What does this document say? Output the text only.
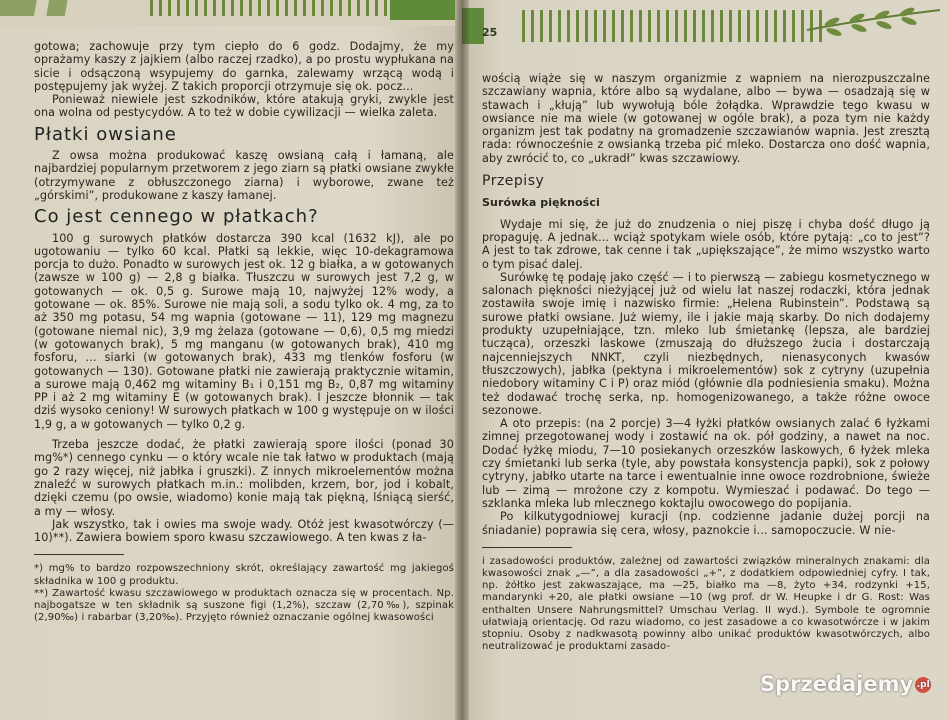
gotowa; zachowuje przy tym ciepło do 6 godz. Dodajmy, że my oprażamy kaszy z jajkiem (albo raczej rzadko), a po prostu wypłukana na sicie i odsączoną wsypujemy do garnka, zalewamy wrzącą wodą i postępujemy jak wyżej. Z takich proporcji otrzymuje się ok. pocz...

Ponieważ niewiele jest szkodników, które atakują gryki, zwykle jest ona wolna od pestycydów. A to też w dobie cywilizacji — wielka zaleta.

Płatki owsiane

Z owsa można produkować kaszę owsianą całą i łamaną, ale najbardziej popularnym przetworem z jego ziarn są płatki owsiane zwykłe (otrzymywane z obłuszczonego ziarna) i wyborowe, zwane też „górskimi”, produkowane z kaszy łamanej.

Co jest cennego w płatkach?

100 g surowych płatków dostarcza 390 kcal (1632 kJ), ale po ugotowaniu — tylko 60 kcal. Płatki są lekkie, więc 10-dekagramowa porcja to dużo. Ponadto w surowych jest ok. 12 g białka, a w gotowanych (zawsze w 100 g) — 2,8 g białka. Tłuszczu w surowych jest 7,2 g, w gotowanych — ok. 0,5 g. Surowe mają 10, najwyżej 12% wody, a gotowane — ok. 85%. Surowe nie mają soli, a sodu tylko ok. 4 mg, za to aż 350 mg potasu, 54 mg wapnia (gotowane — 11), 129 mg magnezu (gotowane niemal nic), 3,9 mg żelaza (gotowane — 0,6), 0,5 mg miedzi (w gotowanych brak), 5 mg manganu (w gotowanych brak), 410 mg fosforu, ... siarki (w gotowanych brak), 433 mg tlenków fosforu (w gotowanych — 130). Gotowane płatki nie zawierają praktycznie witamin, a surowe mają 0,462 mg witaminy B₁ i 0,151 mg B₂, 0,87 mg witaminy PP i aż 2 mg witaminy E (w gotowanych brak). I jeszcze błonnik — tak dziś wysoko ceniony! W surowych płatkach w 100 g występuje on w ilości 1,9 g, a w gotowanych — tylko 0,2 g.

Trzeba jeszcze dodać, że płatki zawierają spore ilości (ponad 30 mg%*) cennego cynku — o który wcale nie tak łatwo w produktach (mają go 2 razy więcej, niż jabłka i gruszki). Z innych mikroelementów można znaleźć w surowych płatkach m.in.: molibden, krzem, bor, jod i kobalt, dzięki czemu (po owsie, wiadomo) konie mają tak piękną, lśniącą sierść, a my — włosy.

Jak wszystko, tak i owies ma swoje wady. Otóż jest kwasotwórczy (—10)**). Zawiera bowiem sporo kwasu szczawiowego. A ten kwas z ła-

*) mg% to bardzo rozpowszechniony skrót, określający zawartość mg jakiegoś składnika w 100 g produktu.

**) Zawartość kwasu szczawiowego w produktach oznacza się w procentach. Np. najbogatsze w ten składnik są suszone figi (1,2%), szczaw (2,70‰), szpinak (2,90‰) i rabarbar (3,20‰). Przyjęto również oznaczanie ogólnej kwasowości

25

wością wiąże się w naszym organizmie z wapniem na nierozpuszczalne szczawiany wapnia, które albo są wydalane, albo — bywa — osadzają się w stawach i „kłują” lub wywołują bóle żołądka. Wprawdzie tego kwasu w owsiance nie ma wiele (w gotowanej w ogóle brak), a poza tym nie każdy organizm jest tak podatny na gromadzenie szczawianów wapnia. Jest zresztą rada: równocześnie z owsianką trzeba pić mleko. Dostarcza ono dość wapnia, aby zwrócić to, co „ukradł” kwas szczawiowy.

Przepisy
Surówka piękności

Wydaje mi się, że już do znudzenia o niej piszę i chyba dość długo ją propaguję. A jednak... wciąż spotykam wiele osób, które pytają: „co to jest”? A jest to tak zdrowe, tak cenne i tak „upiększające”, że mimo wszystko warto o tym pisać dalej.

Surówkę tę podaję jako część — i to pierwszą — zabiegu kosmetycznego w salonach piękności nieżyjącej już od wielu lat naszej rodaczki, która jednak zostawiła swoje imię i nazwisko firmie: „Helena Rubinstein”. Podstawą są surowe płatki owsiane. Już wiemy, ile i jakie mają skarby. Do nich dodajemy produkty uzupełniające, tzn. mleko lub śmietankę (lepsza, ale bardziej tucząca), orzeszki laskowe (zmuszają do dłuższego żucia i dostarczają najcenniejszych NNKT, czyli niezbędnych, nienasyconych kwasów tłuszczowych), jabłka (pektyna i mikroelementów) sok z cytryny (uzupełnia niedobory witaminy C i P) oraz miód (głównie dla podniesienia smaku). Można też dodawać trochę serka, np. homogenizowanego, a także różne owoce sezonowe.

A oto przepis: (na 2 porcje) 3—4 łyżki płatków owsianych zalać 6 łyżkami zimnej przegotowanej wody i zostawić na ok. pół godziny, a nawet na noc. Dodać łyżkę miodu, 7—10 posiekanych orzeszków laskowych, 6 łyżek mleka czy śmietanki lub serka (tyle, aby powstała konsystencja papki), sok z połowy cytryny, jabłko utarte na tarce i ewentualnie inne owoce rozdrobnione, świeże lub — zimą — mrożone czy z kompotu. Wymieszać i podawać. Do tego — szklanka mleka lub mlecznego koktajlu owocowego do popijania.

Po kilkutygodniowej kuracji (np. codzienne jadanie dużej porcji na śniadanie) poprawia się cera, włosy, paznokcie i... samopoczucie. W nie-

i zasadowości produktów, zależnej od zawartości związków mineralnych znakami: dla kwasowości znak „—”, a dla zasadowości „+”, z dodatkiem odpowiedniej cyfry. I tak, np. żółtko jest zakwaszające, ma —25, białko ma —8, żyto +34, rodzynki +15, mandarynki +20, ale płatki owsiane —10 (wg prof. dr W. Heupke i dr G. Rost: Was enthalten Unsere Nahrungsmittel? Umschau Verlag. II wyd.). Symbole te ogromnie ułatwiają orientację. Od razu wiadomo, co jest zasadowe a co kwasotwórcze i w jakim stopniu. Osoby z nadkwasotą powinny albo unikać produktów kwasotwórczych, albo neutralizować je produktami zasado-

Sprzedajemy .pl
